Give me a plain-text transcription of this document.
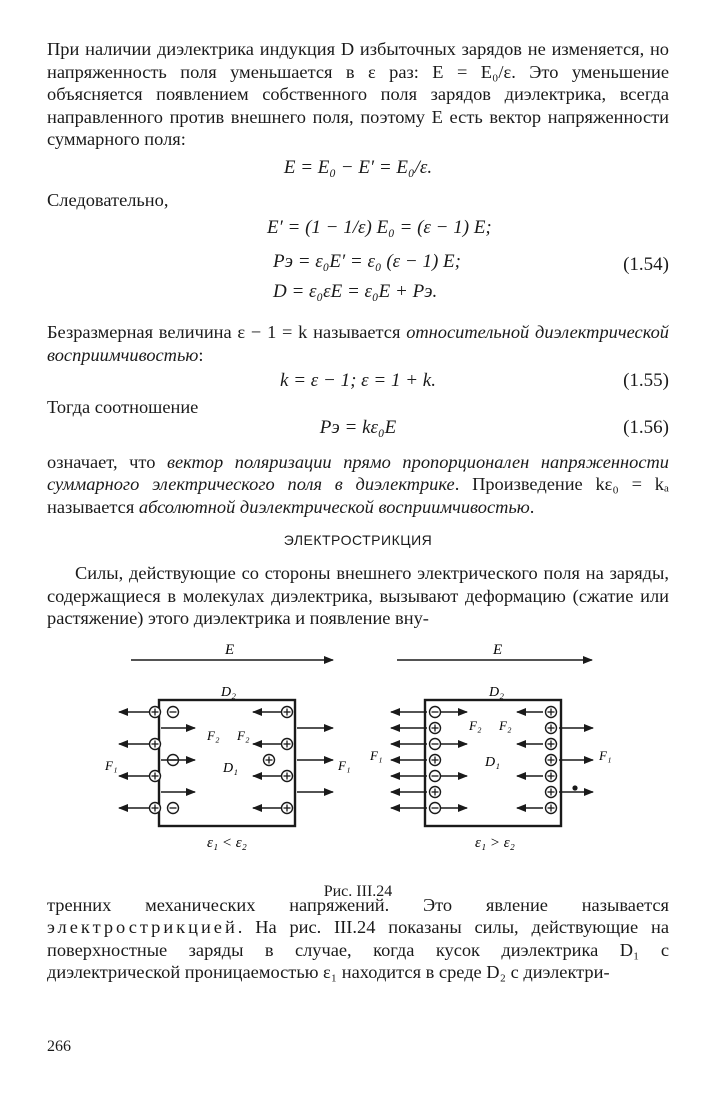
При наличии диэлектрика индукция D избыточных зарядов не изменяется, но напряженность поля уменьшается в ε раз: E = E₀/ε. Это уменьшение объясняется появлением собственного поля зарядов диэлектрика, всегда направленного против внешнего поля, поэтому E есть вектор напряженности суммарного поля:

E = E₀ − E′ = E₀/ε.

Следовательно,

E′ = (1 − 1/ε) E₀ = (ε − 1) E;
Pэ = ε₀E′ = ε₀ (ε − 1) E;
D = ε₀εE = ε₀E + Pэ.
(1.54)

Безразмерная величина ε − 1 = k называется относительной диэлектрической восприимчивостью:

k = ε − 1; ε = 1 + k.	(1.55)

Тогда соотношение

Pэ = kε₀E	(1.56)

означает, что вектор поляризации прямо пропорционален напряженности суммарного электрического поля в диэлектрике. Произведение kε₀ = kₐ называется абсолютной диэлектрической восприимчивостью.

ЭЛЕКТРОСТРИКЦИЯ

Силы, действующие со стороны внешнего электрического поля на заряды, содержащиеся в молекулах диэлектрика, вызывают деформацию (сжатие или растяжение) этого диэлектрика и появление вну-

E
D₂
D₁
F₂ F₂
F₁	F₁
ε₁ < ε₂
E
D₂
D₁
F₂ F₂
F₁	F₁
ε₁ > ε₂
Рис. III.24

тренних механических напряжений. Это явление называется электрострикцией. На рис. III.24 показаны силы, действующие на поверхностные заряды в случае, когда кусок диэлектрика D₁ с диэлектрической проницаемостью ε₁ находится в среде D₂ с диэлектри-

266
